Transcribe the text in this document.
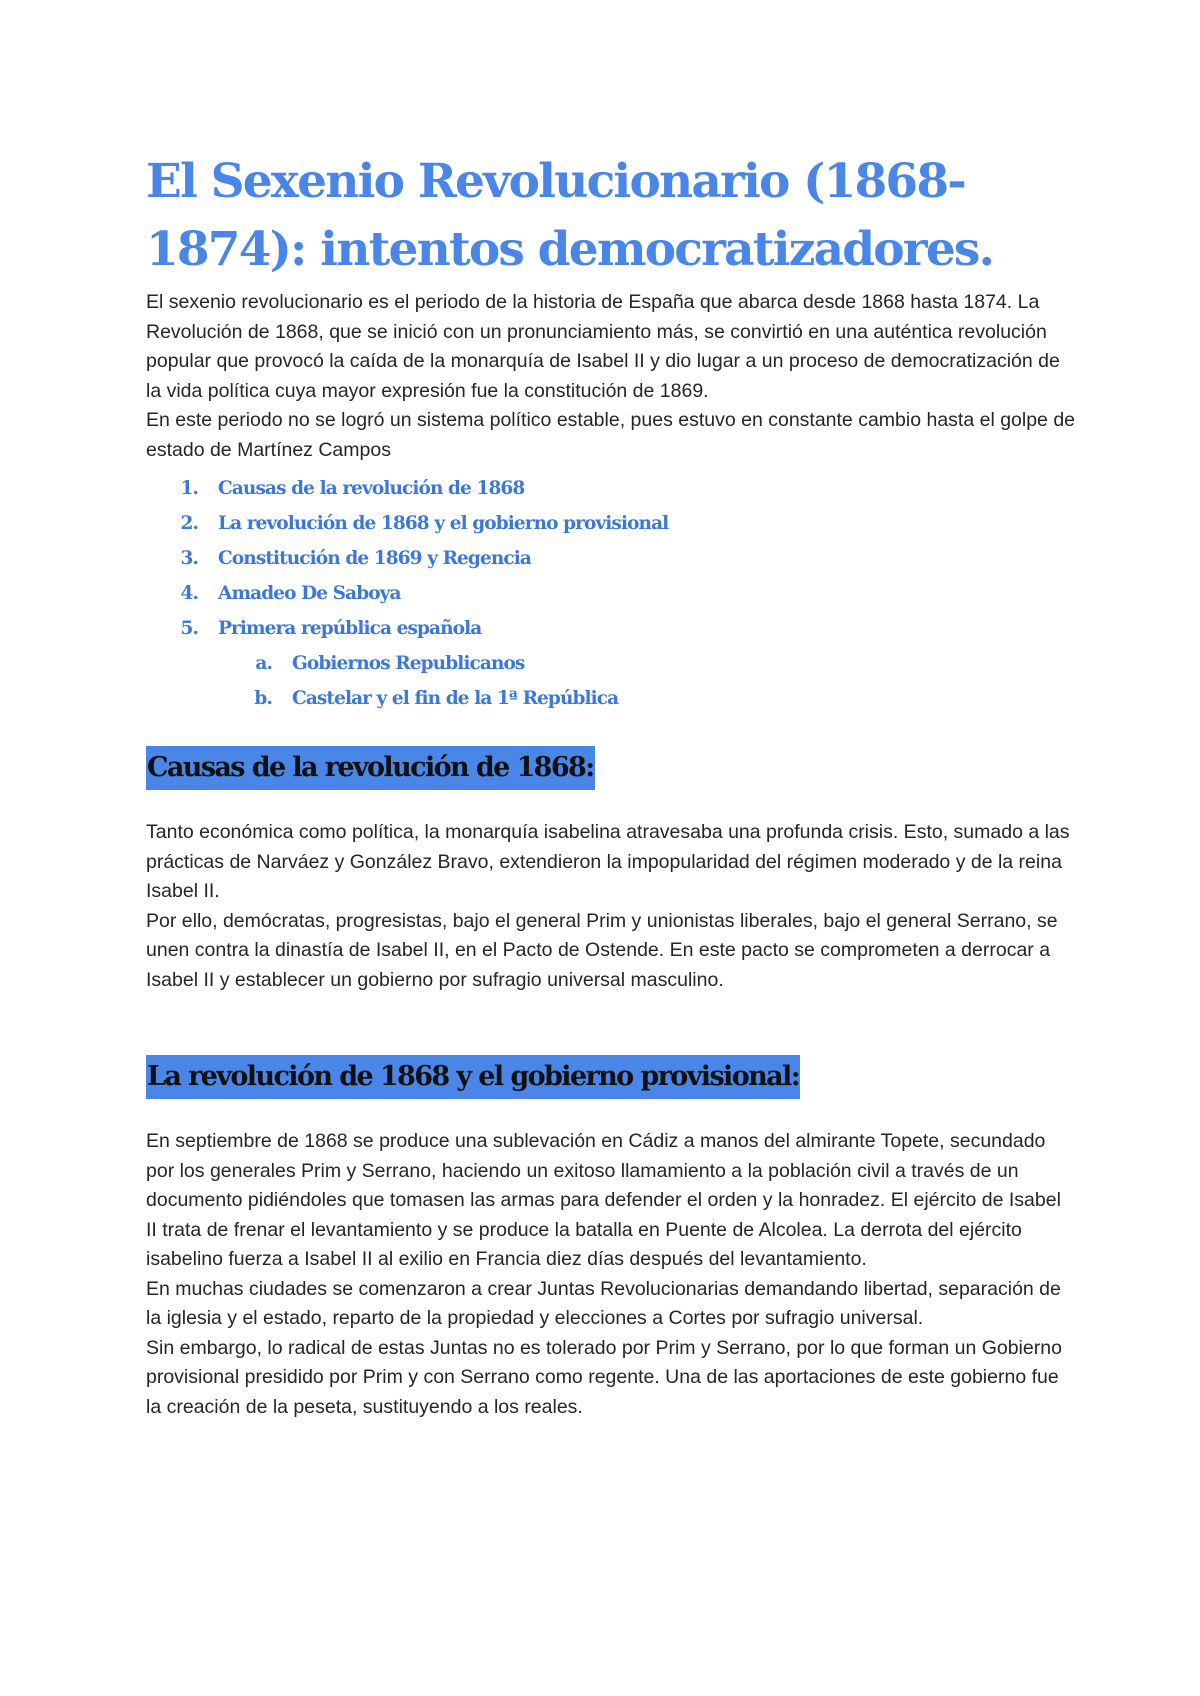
El Sexenio Revolucionario (1868-1874): intentos democratizadores.

El sexenio revolucionario es el periodo de la historia de España que abarca desde 1868 hasta 1874. La Revolución de 1868, que se inició con un pronunciamiento más, se convirtió en una auténtica revolución popular que provocó la caída de la monarquía de Isabel II y dio lugar a un proceso de democratización de la vida política cuya mayor expresión fue la constitución de 1869.

En este periodo no se logró un sistema político estable, pues estuvo en constante cambio hasta el golpe de estado de Martínez Campos

1. Causas de la revolución de 1868
2. La revolución de 1868 y el gobierno provisional
3. Constitución de 1869 y Regencia
4. Amadeo De Saboya
5. Primera república española
a. Gobiernos Republicanos
b. Castelar y el fin de la 1ª República
Causas de la revolución de 1868:

Tanto económica como política, la monarquía isabelina atravesaba una profunda crisis. Esto, sumado a las prácticas de Narváez y González Bravo, extendieron la impopularidad del régimen moderado y de la reina Isabel II.

Por ello, demócratas, progresistas, bajo el general Prim y unionistas liberales, bajo el general Serrano, se unen contra la dinastía de Isabel II, en el Pacto de Ostende. En este pacto se comprometen a derrocar a Isabel II y establecer un gobierno por sufragio universal masculino.

La revolución de 1868 y el gobierno provisional:

En septiembre de 1868 se produce una sublevación en Cádiz a manos del almirante Topete, secundado por los generales Prim y Serrano, haciendo un exitoso llamamiento a la población civil a través de un documento pidiéndoles que tomasen las armas para defender el orden y la honradez. El ejército de Isabel II trata de frenar el levantamiento y se produce la batalla en Puente de Alcolea. La derrota del ejército isabelino fuerza a Isabel II al exilio en Francia diez días después del levantamiento.

En muchas ciudades se comenzaron a crear Juntas Revolucionarias demandando libertad, separación de la iglesia y el estado, reparto de la propiedad y elecciones a Cortes por sufragio universal.

Sin embargo, lo radical de estas Juntas no es tolerado por Prim y Serrano, por lo que forman un Gobierno provisional presidido por Prim y con Serrano como regente. Una de las aportaciones de este gobierno fue la creación de la peseta, sustituyendo a los reales.
